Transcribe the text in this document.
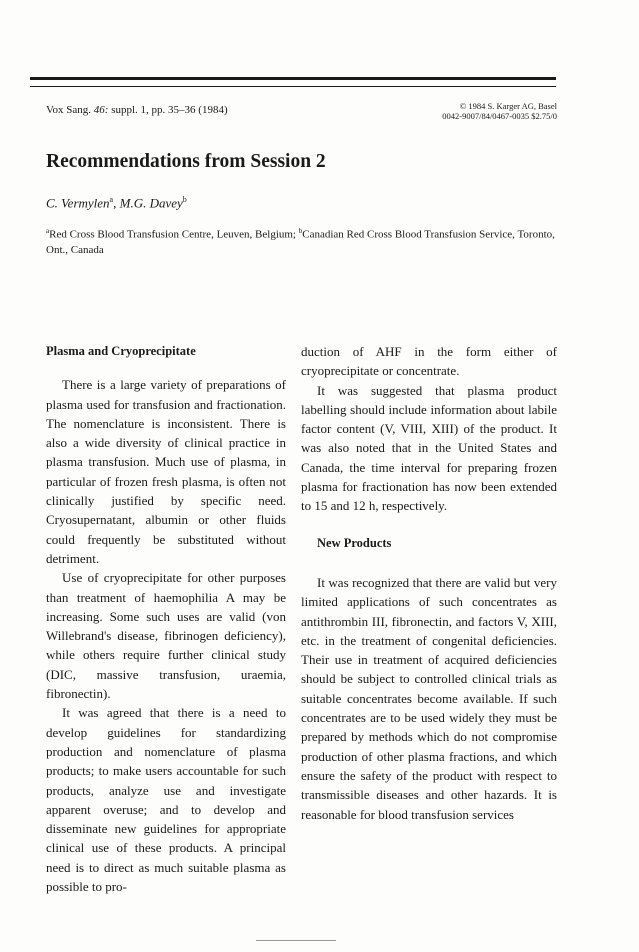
Vox Sang. 46: suppl. 1, pp. 35–36 (1984)	© 1984 S. Karger AG, Basel
0042-9007/84/0467-0035 $2.75/0
Recommendations from Session 2
C. Vermylen$^a$, M.G. Davey$^b$
$^a$Red Cross Blood Transfusion Centre, Leuven, Belgium; $^b$Canadian Red Cross Blood Transfusion Service, Toronto, Ont., Canada
Plasma and Cryoprecipitate

There is a large variety of preparations of plasma used for transfusion and fractionation. The nomenclature is inconsistent. There is also a wide diversity of clinical practice in plasma transfusion. Much use of plasma, in particular of frozen fresh plasma, is often not clinically justified by specific need. Cryosupernatant, albumin or other fluids could frequently be substituted without detriment.

Use of cryoprecipitate for other purposes than treatment of haemophilia A may be increasing. Some such uses are valid (von Willebrand's disease, fibrinogen deficiency), while others require further clinical study (DIC, massive transfusion, uraemia, fibronectin).

It was agreed that there is a need to develop guidelines for standardizing production and nomenclature of plasma products; to make users accountable for such products, analyze use and investigate apparent overuse; and to develop and disseminate new guidelines for appropriate clinical use of these products. A principal need is to direct as much suitable plasma as possible to pro-

duction of AHF in the form either of cryoprecipitate or concentrate.

It was suggested that plasma product labelling should include information about labile factor content (V, VIII, XIII) of the product. It was also noted that in the United States and Canada, the time interval for preparing frozen plasma for fractionation has now been extended to 15 and 12 h, respectively.

New Products

It was recognized that there are valid but very limited applications of such concentrates as antithrombin III, fibronectin, and factors V, XIII, etc. in the treatment of congenital deficiencies. Their use in treatment of acquired deficiencies should be subject to controlled clinical trials as suitable concentrates become available. If such concentrates are to be used widely they must be prepared by methods which do not compromise production of other plasma fractions, and which ensure the safety of the product with respect to transmissible diseases and other hazards. It is reasonable for blood transfusion services
